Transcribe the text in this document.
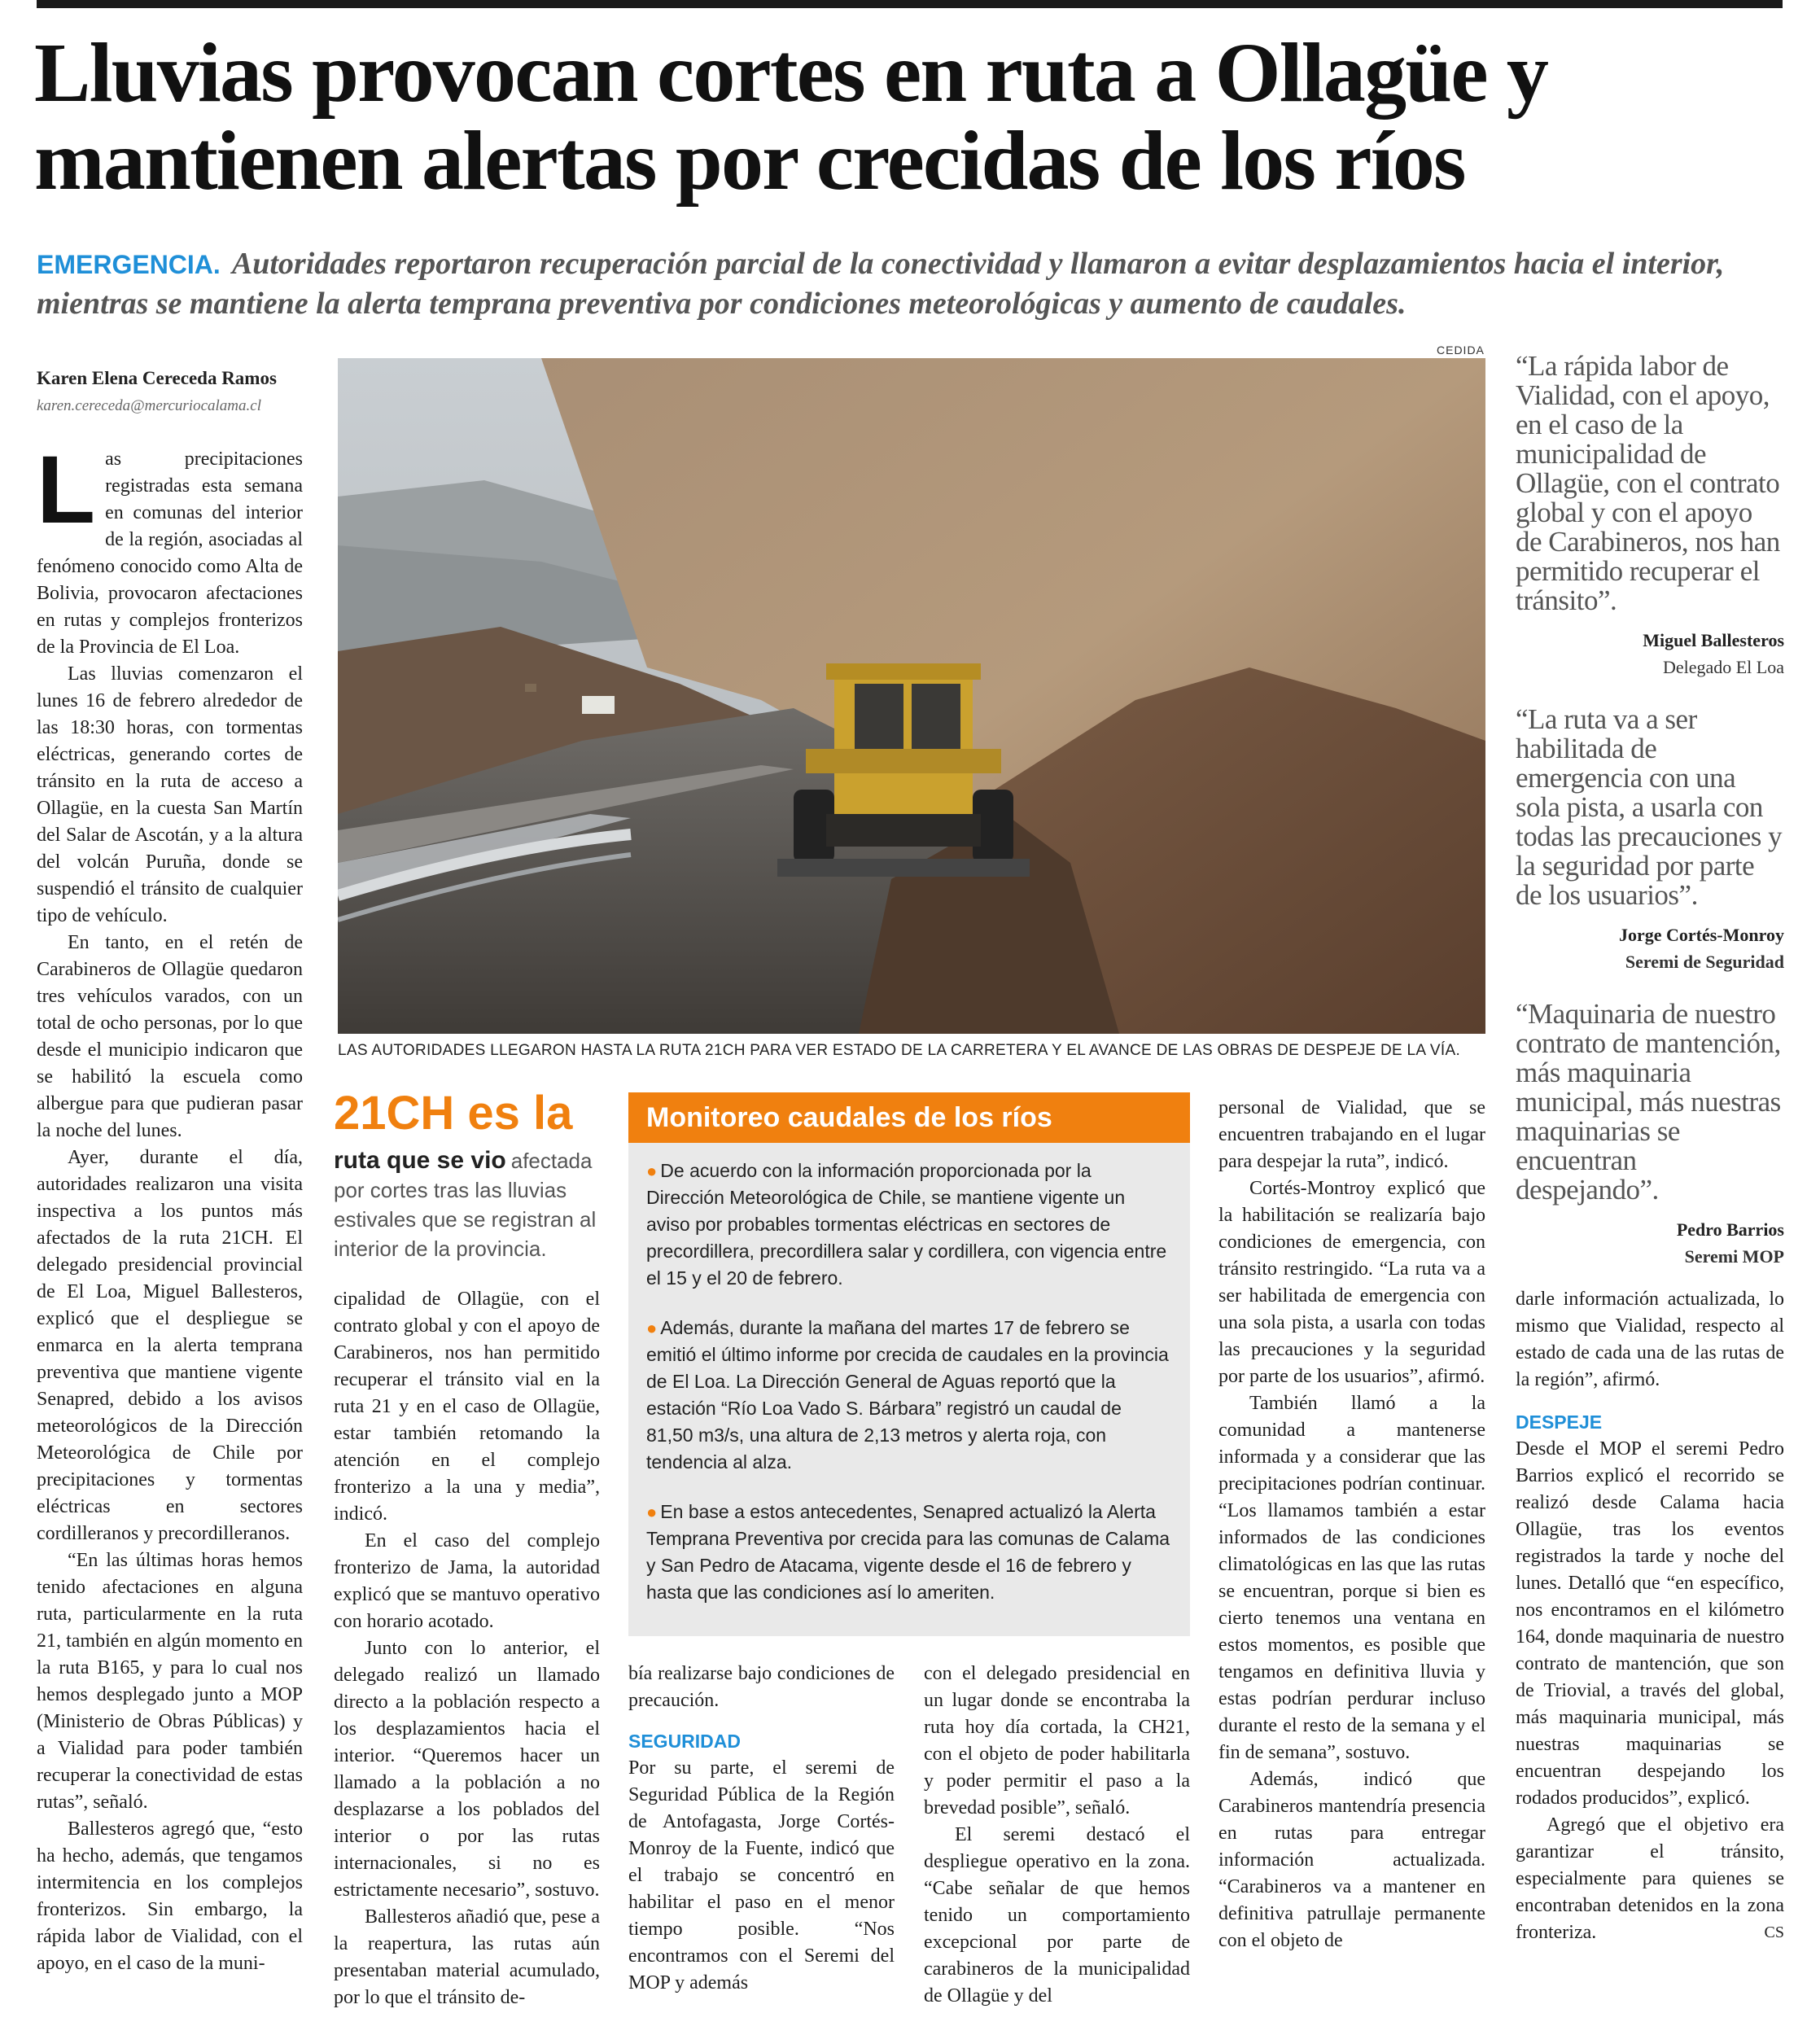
Lluvias provocan cortes en ruta a Ollagüe y
mantienen alertas por crecidas de los ríos
EMERGENCIA. Autoridades reportaron recuperación parcial de la conectividad y llamaron a evitar desplazamientos hacia el interior, mientras se mantiene la alerta temprana preventiva por condiciones meteorológicas y aumento de caudales.
Karen Elena Cereceda Ramos
karen.cereceda@mercuriocalama.cl
L as precipitaciones registradas esta semana en comunas del interior de la región, asociadas al fenómeno conocido como Alta de Bolivia, provocaron afectaciones en rutas y complejos fronterizos de la Provincia de El Loa.

Las lluvias comenzaron el lunes 16 de febrero alrededor de las 18:30 horas, con tormentas eléctricas, generando cortes de tránsito en la ruta de acceso a Ollagüe, en la cuesta San Martín del Salar de Ascotán, y a la altura del volcán Puruña, donde se suspendió el tránsito de cualquier tipo de vehículo.

En tanto, en el retén de Carabineros de Ollagüe quedaron tres vehículos varados, con un total de ocho personas, por lo que desde el municipio indicaron que se habilitó la escuela como albergue para que pudieran pasar la noche del lunes.

Ayer, durante el día, autoridades realizaron una visita inspectiva a los puntos más afectados de la ruta 21CH. El delegado presidencial provincial de El Loa, Miguel Ballesteros, explicó que el despliegue se enmarca en la alerta temprana preventiva que mantiene vigente Senapred, debido a los avisos meteorológicos de la Dirección Meteorológica de Chile por precipitaciones y tormentas eléctricas en sectores cordilleranos y precordilleranos.

“En las últimas horas hemos tenido afectaciones en alguna ruta, particularmente en la ruta 21, también en algún momento en la ruta B165, y para lo cual nos hemos desplegado junto a MOP (Ministerio de Obras Públicas) y a Vialidad para poder también recuperar la conectividad de estas rutas”, señaló.

Ballesteros agregó que, “esto ha hecho, además, que tengamos intermitencia en los complejos fronterizos. Sin embargo, la rápida labor de Vialidad, con el apoyo, en el caso de la muni-

CEDIDA
LAS AUTORIDADES LLEGARON HASTA LA RUTA 21CH PARA VER ESTADO DE LA CARRETERA Y EL AVANCE DE LAS OBRAS DE DESPEJE DE LA VÍA.
21CH es la
ruta que se vio afectada por cortes tras las lluvias estivales que se registran al interior de la provincia.

cipalidad de Ollagüe, con el contrato global y con el apoyo de Carabineros, nos han permitido recuperar el tránsito vial en la ruta 21 y en el caso de Ollagüe, estar también retomando la atención en el complejo fronterizo a la una y media”, indicó.

En el caso del complejo fronterizo de Jama, la autoridad explicó que se mantuvo operativo con horario acotado.

Junto con lo anterior, el delegado realizó un llamado directo a la población respecto a los desplazamientos hacia el interior. “Queremos hacer un llamado a la población a no desplazarse a los poblados del interior o por las rutas internacionales, si no es estrictamente necesario”, sostuvo.

Ballesteros añadió que, pese a la reapertura, las rutas aún presentaban material acumulado, por lo que el tránsito de-

Monitoreo caudales de los ríos
● De acuerdo con la información proporcionada por la Dirección Meteorológica de Chile, se mantiene vigente un aviso por probables tormentas eléctricas en sectores de precordillera, precordillera salar y cordillera, con vigencia entre el 15 y el 20 de febrero.
● Además, durante la mañana del martes 17 de febrero se emitió el último informe por crecida de caudales en la provincia de El Loa. La Dirección General de Aguas reportó que la estación “Río Loa Vado S. Bárbara” registró un caudal de 81,50 m3/s, una altura de 2,13 metros y alerta roja, con tendencia al alza.
● En base a estos antecedentes, Senapred actualizó la Alerta Temprana Preventiva por crecida para las comunas de Calama y San Pedro de Atacama, vigente desde el 16 de febrero y hasta que las condiciones así lo ameriten.

bía realizarse bajo condiciones de precaución.

SEGURIDAD

Por su parte, el seremi de Seguridad Pública de la Región de Antofagasta, Jorge Cortés-Monroy de la Fuente, indicó que el trabajo se concentró en habilitar el paso en el menor tiempo posible. “Nos encontramos con el Seremi del MOP y además

con el delegado presidencial en un lugar donde se encontraba la ruta hoy día cortada, la CH21, con el objeto de poder habilitarla y poder permitir el paso a la brevedad posible”, señaló.

El seremi destacó el despliegue operativo en la zona. “Cabe señalar de que hemos tenido un comportamiento excepcional por parte de carabineros de la municipalidad de Ollagüe y del

personal de Vialidad, que se encuentren trabajando en el lugar para despejar la ruta”, indicó.

Cortés-Montroy explicó que la habilitación se realizaría bajo condiciones de emergencia, con tránsito restringido. “La ruta va a ser habilitada de emergencia con una sola pista, a usarla con todas las precauciones y la seguridad por parte de los usuarios”, afirmó.

También llamó a la comunidad a mantenerse informada y a considerar que las precipitaciones podrían continuar. “Los llamamos también a estar informados de las condiciones climatológicas en las que las rutas se encuentran, porque si bien es cierto tenemos una ventana en estos momentos, es posible que tengamos en definitiva lluvia y estas podrían perdurar incluso durante el resto de la semana y el fin de semana”, sostuvo.

Además, indicó que Carabineros mantendría presencia en rutas para entregar información actualizada. “Carabineros va a mantener en definitiva patrullaje permanente con el objeto de

“La rápida labor de Vialidad, con el apoyo, en el caso de la municipalidad de Ollagüe, con el contrato global y con el apoyo de Carabineros, nos han permitido recuperar el tránsito”.
Miguel Ballesteros
Delegado El Loa
“La ruta va a ser habilitada de emergencia con una sola pista, a usarla con todas las precauciones y la seguridad por parte de los usuarios”.
Jorge Cortés-Monroy
Seremi de Seguridad
“Maquinaria de nuestro contrato de mantención, más maquinaria municipal, más nuestras maquinarias se encuentran despejando”.
Pedro Barrios
Seremi MOP

darle información actualizada, lo mismo que Vialidad, respecto al estado de cada una de las rutas de la región”, afirmó.

DESPEJE

Desde el MOP el seremi Pedro Barrios explicó el recorrido se realizó desde Calama hacia Ollagüe, tras los eventos registrados la tarde y noche del lunes. Detalló que “en específico, nos encontramos en el kilómetro 164, donde maquinaria de nuestro contrato de mantención, que son de Triovial, a través del global, más maquinaria municipal, más nuestras maquinarias se encuentran despejando los rodados producidos”, explicó.

Agregó que el objetivo era garantizar el tránsito, especialmente para quienes se encontraban detenidos en la zona fronteriza.	CS
